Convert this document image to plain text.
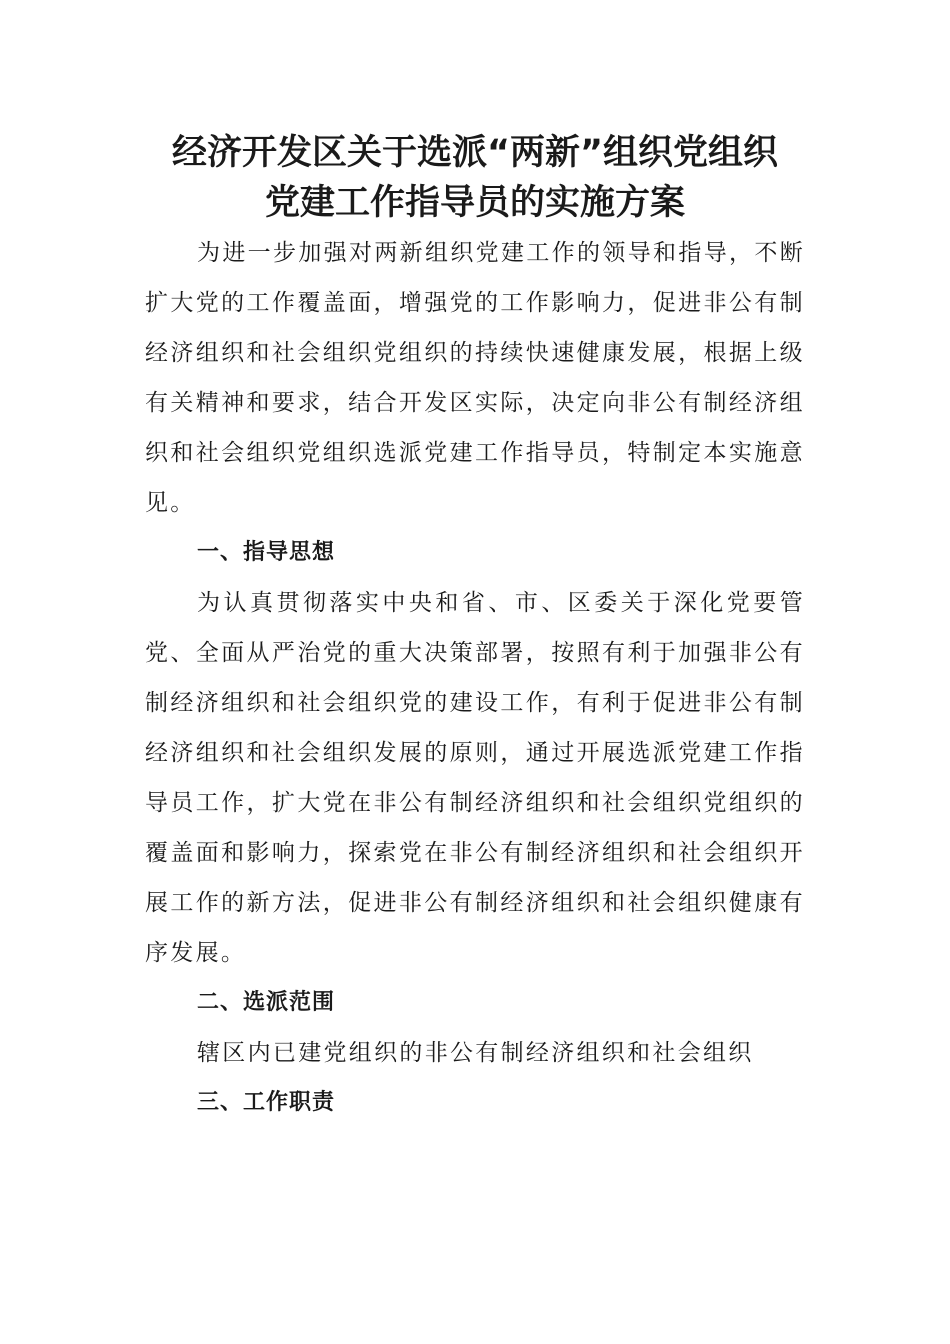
经济开发区关于选派“两新”组织党组织
党建工作指导员的实施方案

为进一步加强对两新组织党建工作的领导和指导，不断扩大党的工作覆盖面，增强党的工作影响力，促进非公有制经济组织和社会组织党组织的持续快速健康发展，根据上级有关精神和要求，结合开发区实际，决定向非公有制经济组织和社会组织党组织选派党建工作指导员，特制定本实施意见。

一、指导思想

为认真贯彻落实中央和省、市、区委关于深化党要管党、全面从严治党的重大决策部署，按照有利于加强非公有制经济组织和社会组织党的建设工作，有利于促进非公有制经济组织和社会组织发展的原则，通过开展选派党建工作指导员工作，扩大党在非公有制经济组织和社会组织党组织的覆盖面和影响力，探索党在非公有制经济组织和社会组织开展工作的新方法，促进非公有制经济组织和社会组织健康有序发展。

二、选派范围

辖区内已建党组织的非公有制经济组织和社会组织

三、工作职责
